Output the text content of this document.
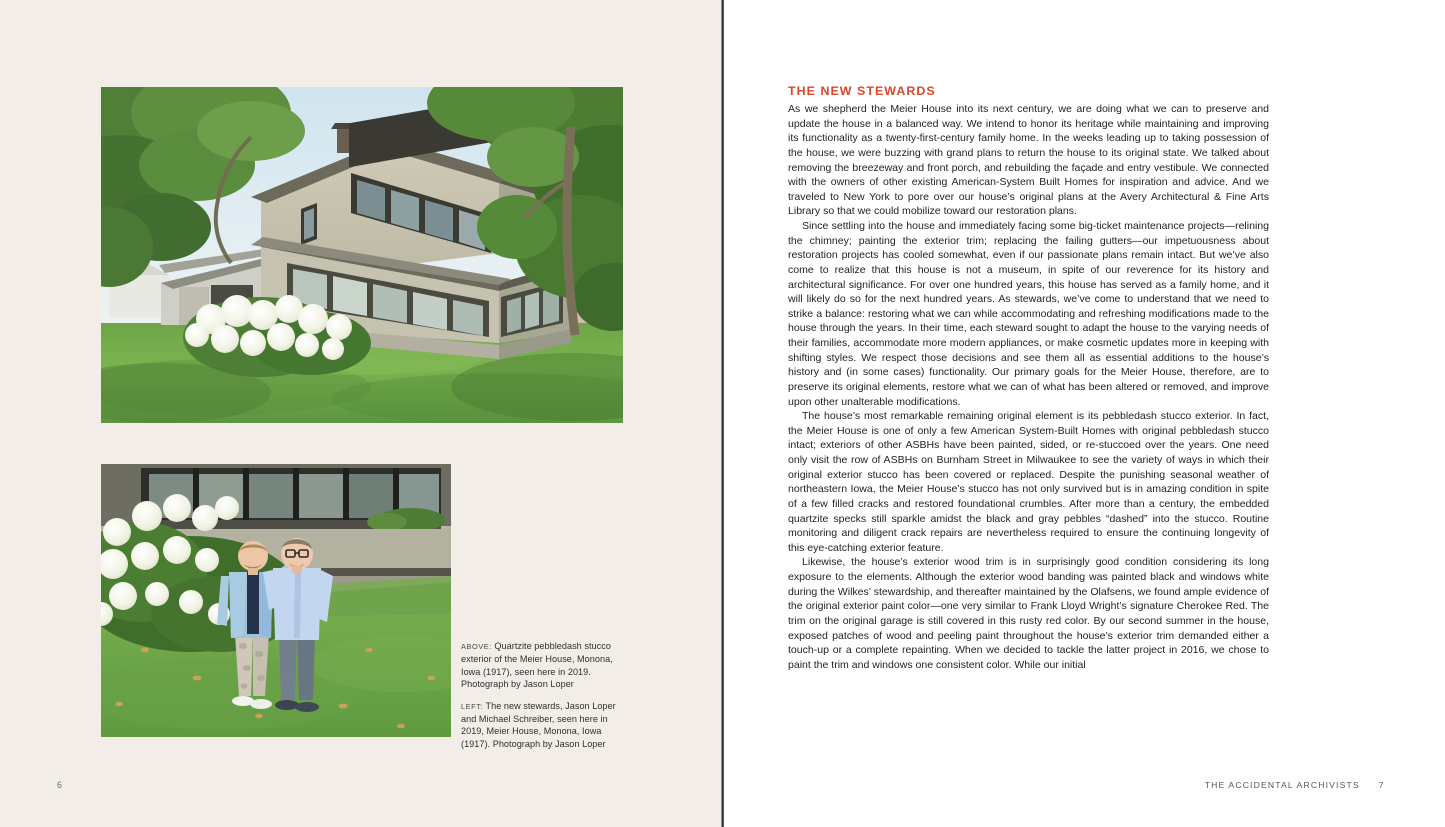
ABOVE: Quartzite pebbledash stucco exterior of the Meier House, Monona, Iowa (1917), seen here in 2019. Photograph by Jason Loper
LEFT: The new stewards, Jason Loper and Michael Schreiber, seen here in 2019, Meier House, Monona, Iowa (1917). Photograph by Jason Loper
6
THE NEW STEWARDS

As we shepherd the Meier House into its next century, we are doing what we can to preserve and update the house in a balanced way. We intend to honor its heritage while maintaining and improving its functionality as a twenty-first-century family home. In the weeks leading up to taking possession of the house, we were buzzing with grand plans to return the house to its original state. We talked about removing the breezeway and front porch, and rebuilding the façade and entry vestibule. We connected with the owners of other existing American-System Built Homes for inspiration and advice. And we traveled to New York to pore over our house’s original plans at the Avery Architectural & Fine Arts Library so that we could mobilize toward our restoration plans.

Since settling into the house and immediately facing some big-ticket maintenance projects—relining the chimney; painting the exterior trim; replacing the failing gutters—our impetuousness about restoration projects has cooled somewhat, even if our passionate plans remain intact. But we’ve also come to realize that this house is not a museum, in spite of our reverence for its history and architectural significance. For over one hundred years, this house has served as a family home, and it will likely do so for the next hundred years. As stewards, we’ve come to understand that we need to strike a balance: restoring what we can while accommodating and refreshing modifications made to the house through the years. In their time, each steward sought to adapt the house to the varying needs of their families, accommodate more modern appliances, or make cosmetic updates more in keeping with shifting styles. We respect those decisions and see them all as essential additions to the house’s history and (in some cases) functionality. Our primary goals for the Meier House, therefore, are to preserve its original elements, restore what we can of what has been altered or removed, and improve upon other unalterable modifications.

The house’s most remarkable remaining original element is its pebbledash stucco exterior. In fact, the Meier House is one of only a few American System-Built Homes with original pebbledash stucco intact; exteriors of other ASBHs have been painted, sided, or re-stuccoed over the years. One need only visit the row of ASBHs on Burnham Street in Milwaukee to see the variety of ways in which their original exterior stucco has been covered or replaced. Despite the punishing seasonal weather of northeastern Iowa, the Meier House’s stucco has not only survived but is in amazing condition in spite of a few filled cracks and restored foundational crumbles. After more than a century, the embedded quartzite specks still sparkle amidst the black and gray pebbles “dashed” into the stucco. Routine monitoring and diligent crack repairs are nevertheless required to ensure the continuing longevity of this eye-catching exterior feature.

Likewise, the house’s exterior wood trim is in surprisingly good condition considering its long exposure to the elements. Although the exterior wood banding was painted black and windows white during the Wilkes’ stewardship, and thereafter maintained by the Olafsens, we found ample evidence of the original exterior paint color—one very similar to Frank Lloyd Wright’s signature Cherokee Red. The trim on the original garage is still covered in this rusty red color. By our second summer in the house, exposed patches of wood and peeling paint throughout the house’s exterior trim demanded either a touch-up or a complete repainting. When we decided to tackle the latter project in 2016, we chose to paint the trim and windows one consistent color. While our initial

THE ACCIDENTAL ARCHIVISTS 7
